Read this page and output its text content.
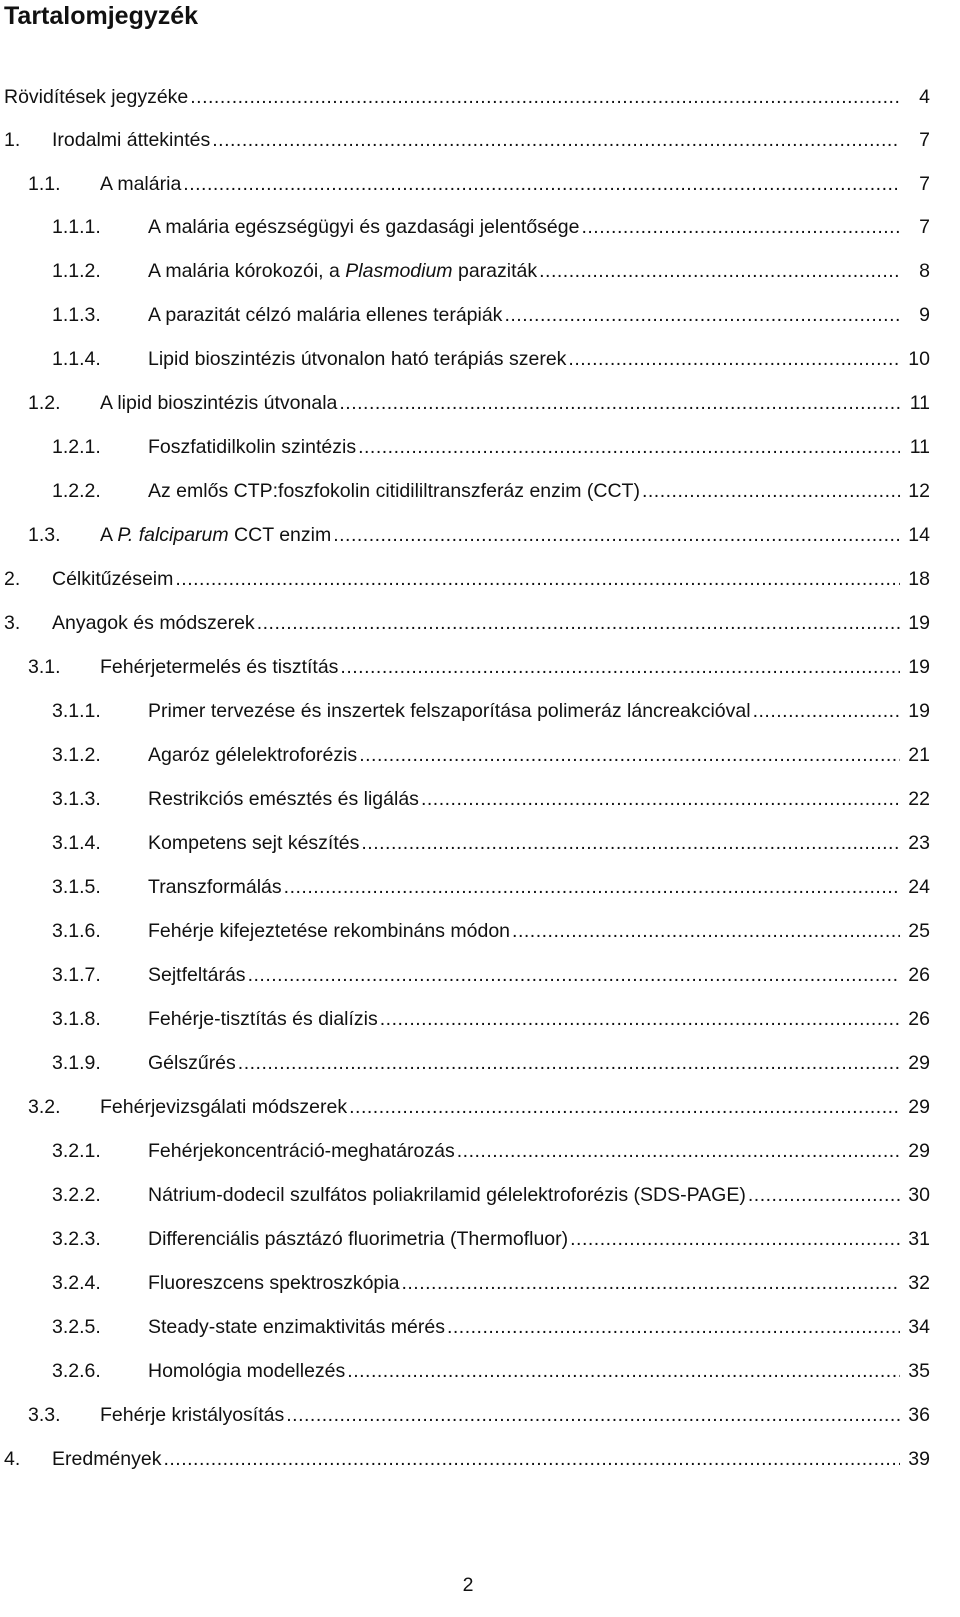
Tartalomjegyzék
Rövidítések jegyzéke .....	4
1. Irodalmi áttekintés .....	7
1.1. A malária .....	7
1.1.1. A malária egészségügyi és gazdasági jelentősége .....	7
1.1.2. A malária kórokozói, a Plasmodium paraziták .....	8
1.1.3. A parazitát célzó malária ellenes terápiák .....	9
1.1.4. Lipid bioszintézis útvonalon ható terápiás szerek .....	10
1.2. A lipid bioszintézis útvonala .....	11
1.2.1. Foszfatidilkolin szintézis .....	11
1.2.2. Az emlős CTP:foszfokolin citidililtranszferáz enzim (CCT) .....	12
1.3. A P. falciparum CCT enzim .....	14
2. Célkitűzéseim .....	18
3. Anyagok és módszerek .....	19
3.1. Fehérjetermelés és tisztítás .....	19
3.1.1. Primer tervezése és inszertek felszaporítása polimeráz láncreakcióval .....	19
3.1.2. Agaróz gélelektroforézis .....	21
3.1.3. Restrikciós emésztés és ligálás .....	22
3.1.4. Kompetens sejt készítés .....	23
3.1.5. Transzformálás .....	24
3.1.6. Fehérje kifejeztetése rekombináns módon .....	25
3.1.7. Sejtfeltárás .....	26
3.1.8. Fehérje-tisztítás és dialízis .....	26
3.1.9. Gélszűrés .....	29
3.2. Fehérjevizsgálati módszerek .....	29
3.2.1. Fehérjekoncentráció-meghatározás .....	29
3.2.2. Nátrium-dodecil szulfátos poliakrilamid gélelektroforézis (SDS-PAGE) .....	30
3.2.3. Differenciális pásztázó fluorimetria (Thermofluor) .....	31
3.2.4. Fluoreszcens spektroszkópia .....	32
3.2.5. Steady-state enzimaktivitás mérés .....	34
3.2.6. Homológia modellezés .....	35
3.3. Fehérje kristályosítás .....	36
4. Eredmények .....	39
2
